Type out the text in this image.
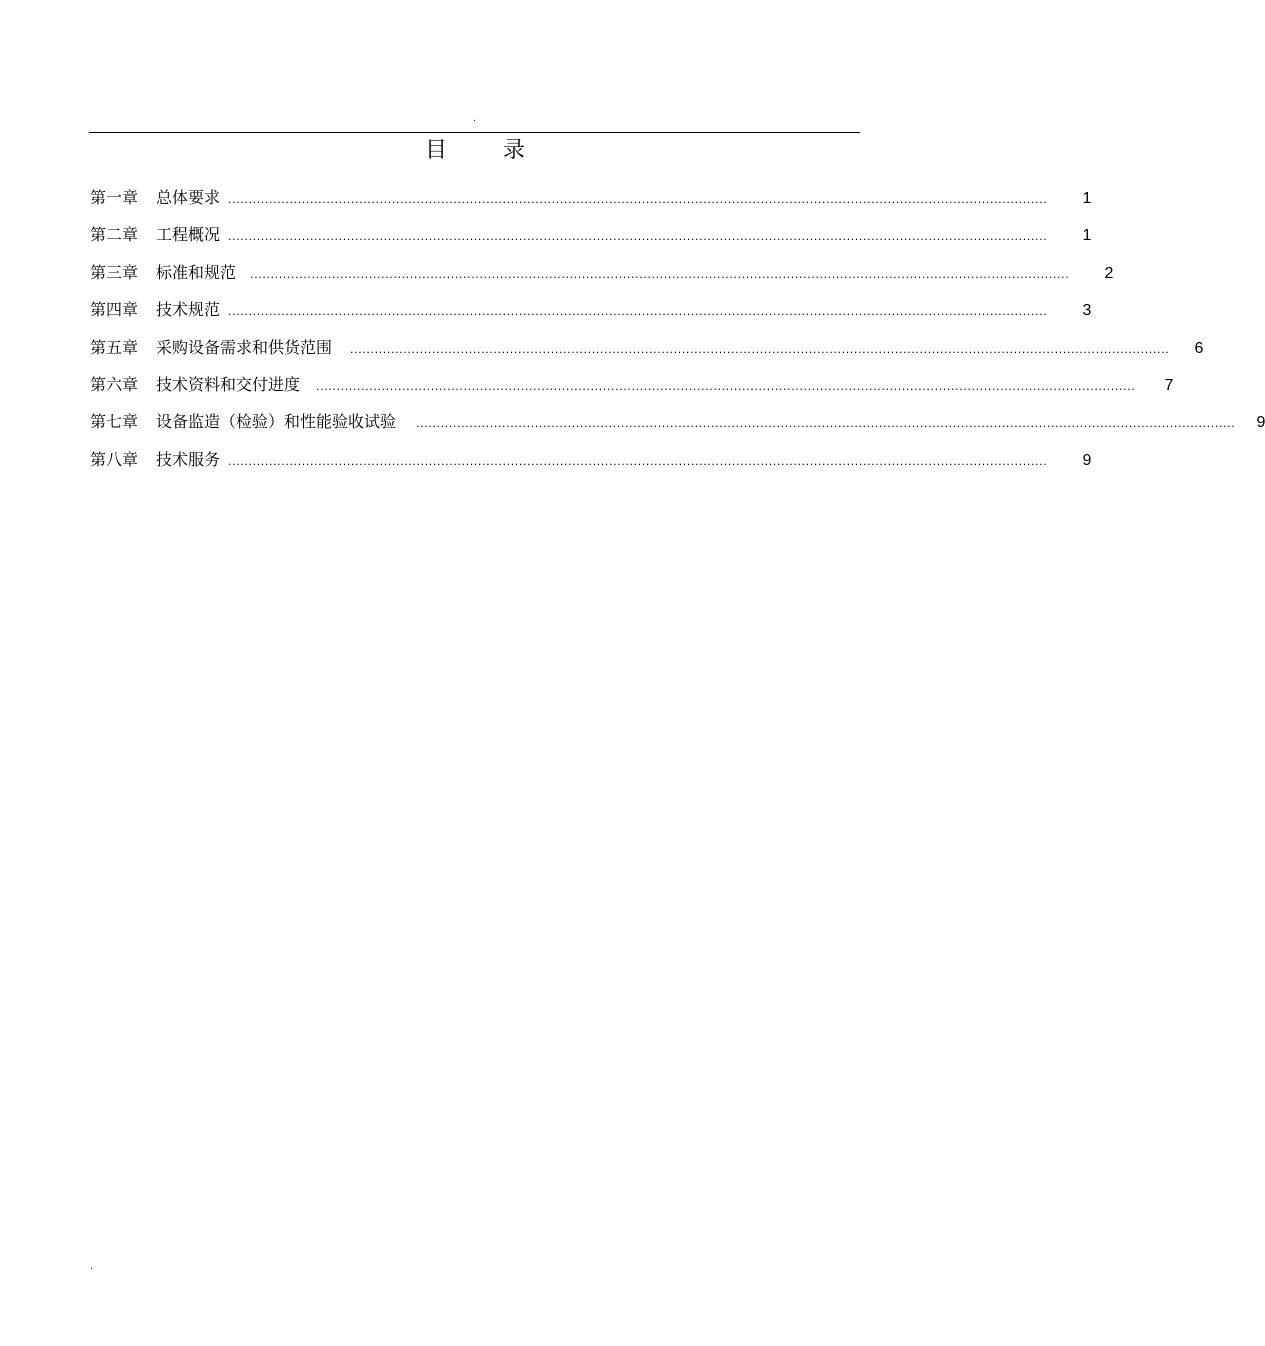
.
目录
第一章	总体要求 ........................................................................................................................................................................................................ 1
第二章	工程概况 ........................................................................................................................................................................................................ 1
第三章	标准和规范 ........................................................................................................................................................................................................ 2
第四章	技术规范 ........................................................................................................................................................................................................ 3
第五章	采购设备需求和供货范围 ........................................................................................................................................................................................................ 6
第六章	技术资料和交付进度 ........................................................................................................................................................................................................ 7
第七章	设备监造（检验）和性能验收试验 ........................................................................................................................................................................................................ 9
第八章	技术服务 ........................................................................................................................................................................................................ 9
.
